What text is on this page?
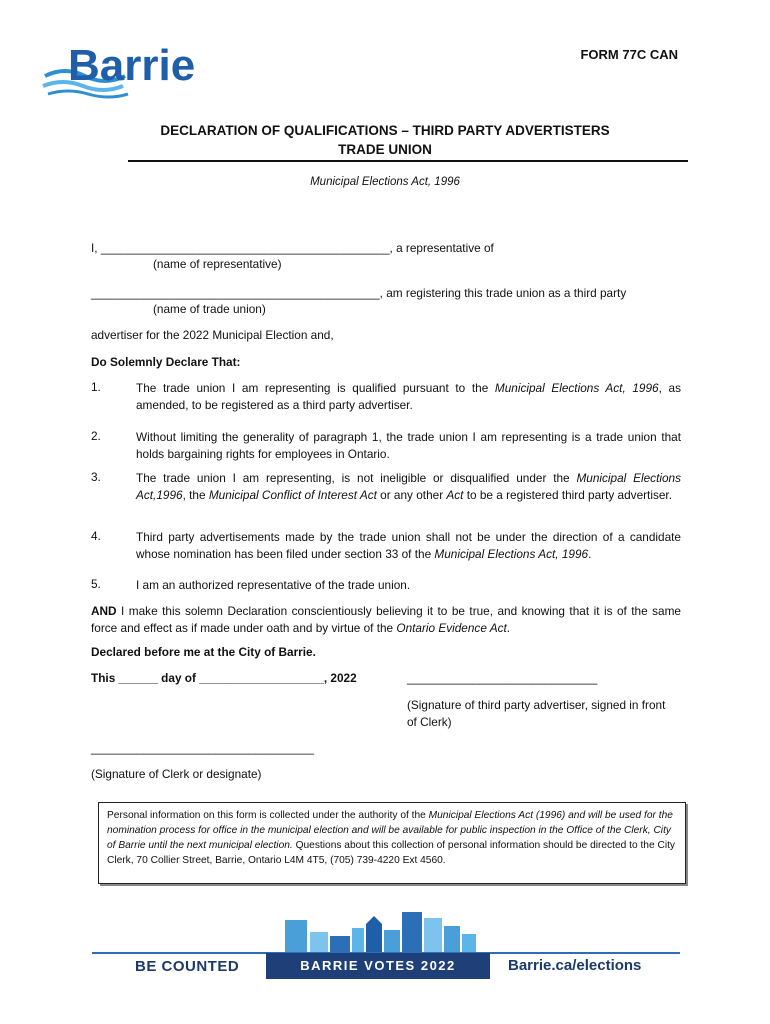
Barrie	FORM 77C CAN
DECLARATION OF QUALIFICATIONS – THIRD PARTY ADVERTISTERS
TRADE UNION
Municipal Elections Act, 1996
I, ____________________________________________, a representative of
(name of representative)
____________________________________________, am registering this trade union as a third party
(name of trade union)
advertiser for the 2022 Municipal Election and,
Do Solemnly Declare That:
1.	The trade union I am representing is qualified pursuant to the Municipal Elections Act, 1996, as amended, to be registered as a third party advertiser.
2.	Without limiting the generality of paragraph 1, the trade union I am representing is a trade union that holds bargaining rights for employees in Ontario.
3.	The trade union I am representing, is not ineligible or disqualified under the Municipal Elections Act,1996, the Municipal Conflict of Interest Act or any other Act to be a registered third party advertiser.
4.	Third party advertisements made by the trade union shall not be under the direction of a candidate whose nomination has been filed under section 33 of the Municipal Elections Act, 1996.
5.	I am an authorized representative of the trade union.
AND I make this solemn Declaration conscientiously believing it to be true, and knowing that it is of the same force and effect as if made under oath and by virtue of the Ontario Evidence Act.
Declared before me at the City of Barrie.
This ______ day of ___________________, 2022	_____________________________
(Signature of third party advertiser, signed in front of Clerk)
__________________________________
(Signature of Clerk or designate)
Personal information on this form is collected under the authority of the Municipal Elections Act (1996) and will be used for the nomination process for office in the municipal election and will be available for public inspection in the Office of the Clerk, City of Barrie until the next municipal election. Questions about this collection of personal information should be directed to the City Clerk, 70 Collier Street, Barrie, Ontario L4M 4T5, (705) 739-4220 Ext 4560.
BE COUNTED	BARRIE VOTES 2022	Barrie.ca/elections
